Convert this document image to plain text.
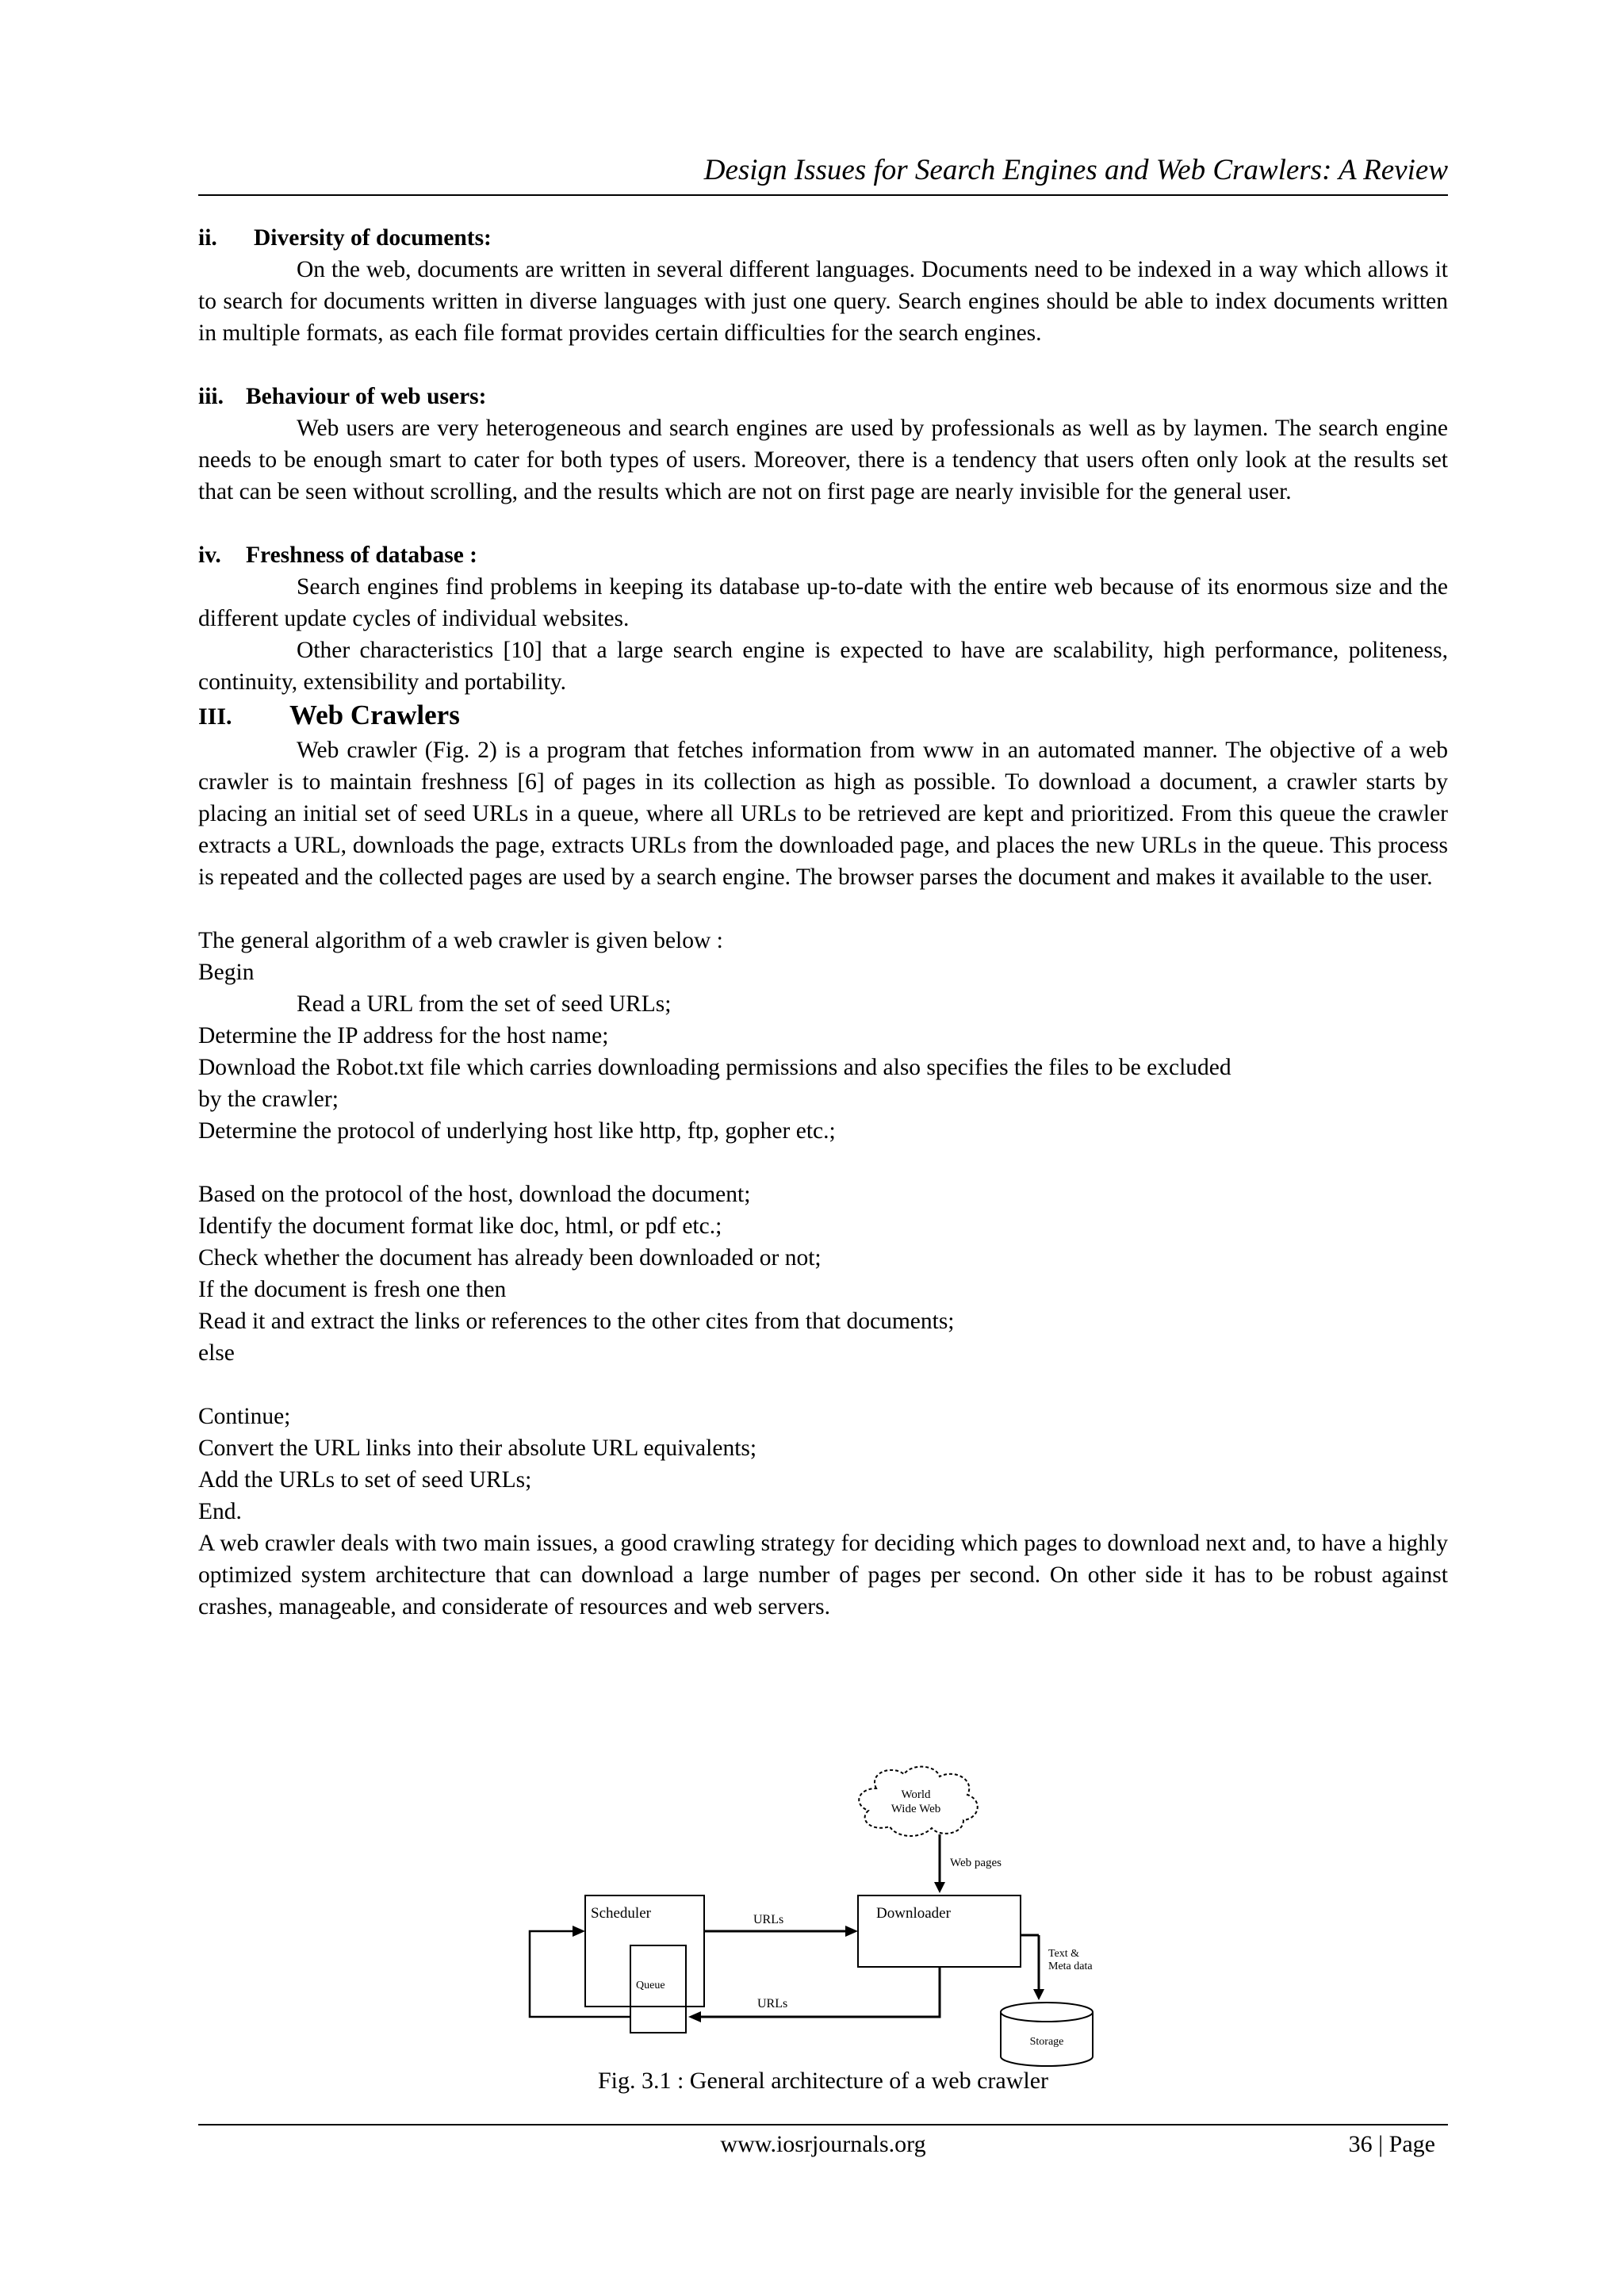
Design Issues for Search Engines and Web Crawlers: A Review

ii. Diversity of documents:

On the web, documents are written in several different languages. Documents need to be indexed in a way which allows it to search for documents written in diverse languages with just one query. Search engines should be able to index documents written in multiple formats, as each file format provides certain difficulties for the search engines.

iii. Behaviour of web users:

Web users are very heterogeneous and search engines are used by professionals as well as by laymen. The search engine needs to be enough smart to cater for both types of users. Moreover, there is a tendency that users often only look at the results set that can be seen without scrolling, and the results which are not on first page are nearly invisible for the general user.

iv. Freshness of database :

Search engines find problems in keeping its database up-to-date with the entire web because of its enormous size and the different update cycles of individual websites.

Other characteristics [10] that a large search engine is expected to have are scalability, high performance, politeness, continuity, extensibility and portability.

III. Web Crawlers

Web crawler (Fig. 2) is a program that fetches information from www in an automated manner. The objective of a web crawler is to maintain freshness [6] of pages in its collection as high as possible. To download a document, a crawler starts by placing an initial set of seed URLs in a queue, where all URLs to be retrieved are kept and prioritized. From this queue the crawler extracts a URL, downloads the page, extracts URLs from the downloaded page, and places the new URLs in the queue. This process is repeated and the collected pages are used by a search engine. The browser parses the document and makes it available to the user.

The general algorithm of a web crawler is given below :

Begin

Read a URL from the set of seed URLs;

Determine the IP address for the host name;

Download the Robot.txt file which carries downloading permissions and also specifies the files to be excluded

by the crawler;

Determine the protocol of underlying host like http, ftp, gopher etc.;

Based on the protocol of the host, download the document;

Identify the document format like doc, html, or pdf etc.;

Check whether the document has already been downloaded or not;

If the document is fresh one then

Read it and extract the links or references to the other cites from that documents;

else

Continue;

Convert the URL links into their absolute URL equivalents;

Add the URLs to set of seed URLs;

End.

A web crawler deals with two main issues, a good crawling strategy for deciding which pages to download next and, to have a highly optimized system architecture that can download a large number of pages per second. On other side it has to be robust against crashes, manageable, and considerate of resources and web servers.

World
Wide Web
Web pages
Scheduler
Queue
Downloader
URLs
URLs
Text &
Meta data
Storage
Fig. 3.1 : General architecture of a web crawler
www.iosrjournals.org	36 | Page
